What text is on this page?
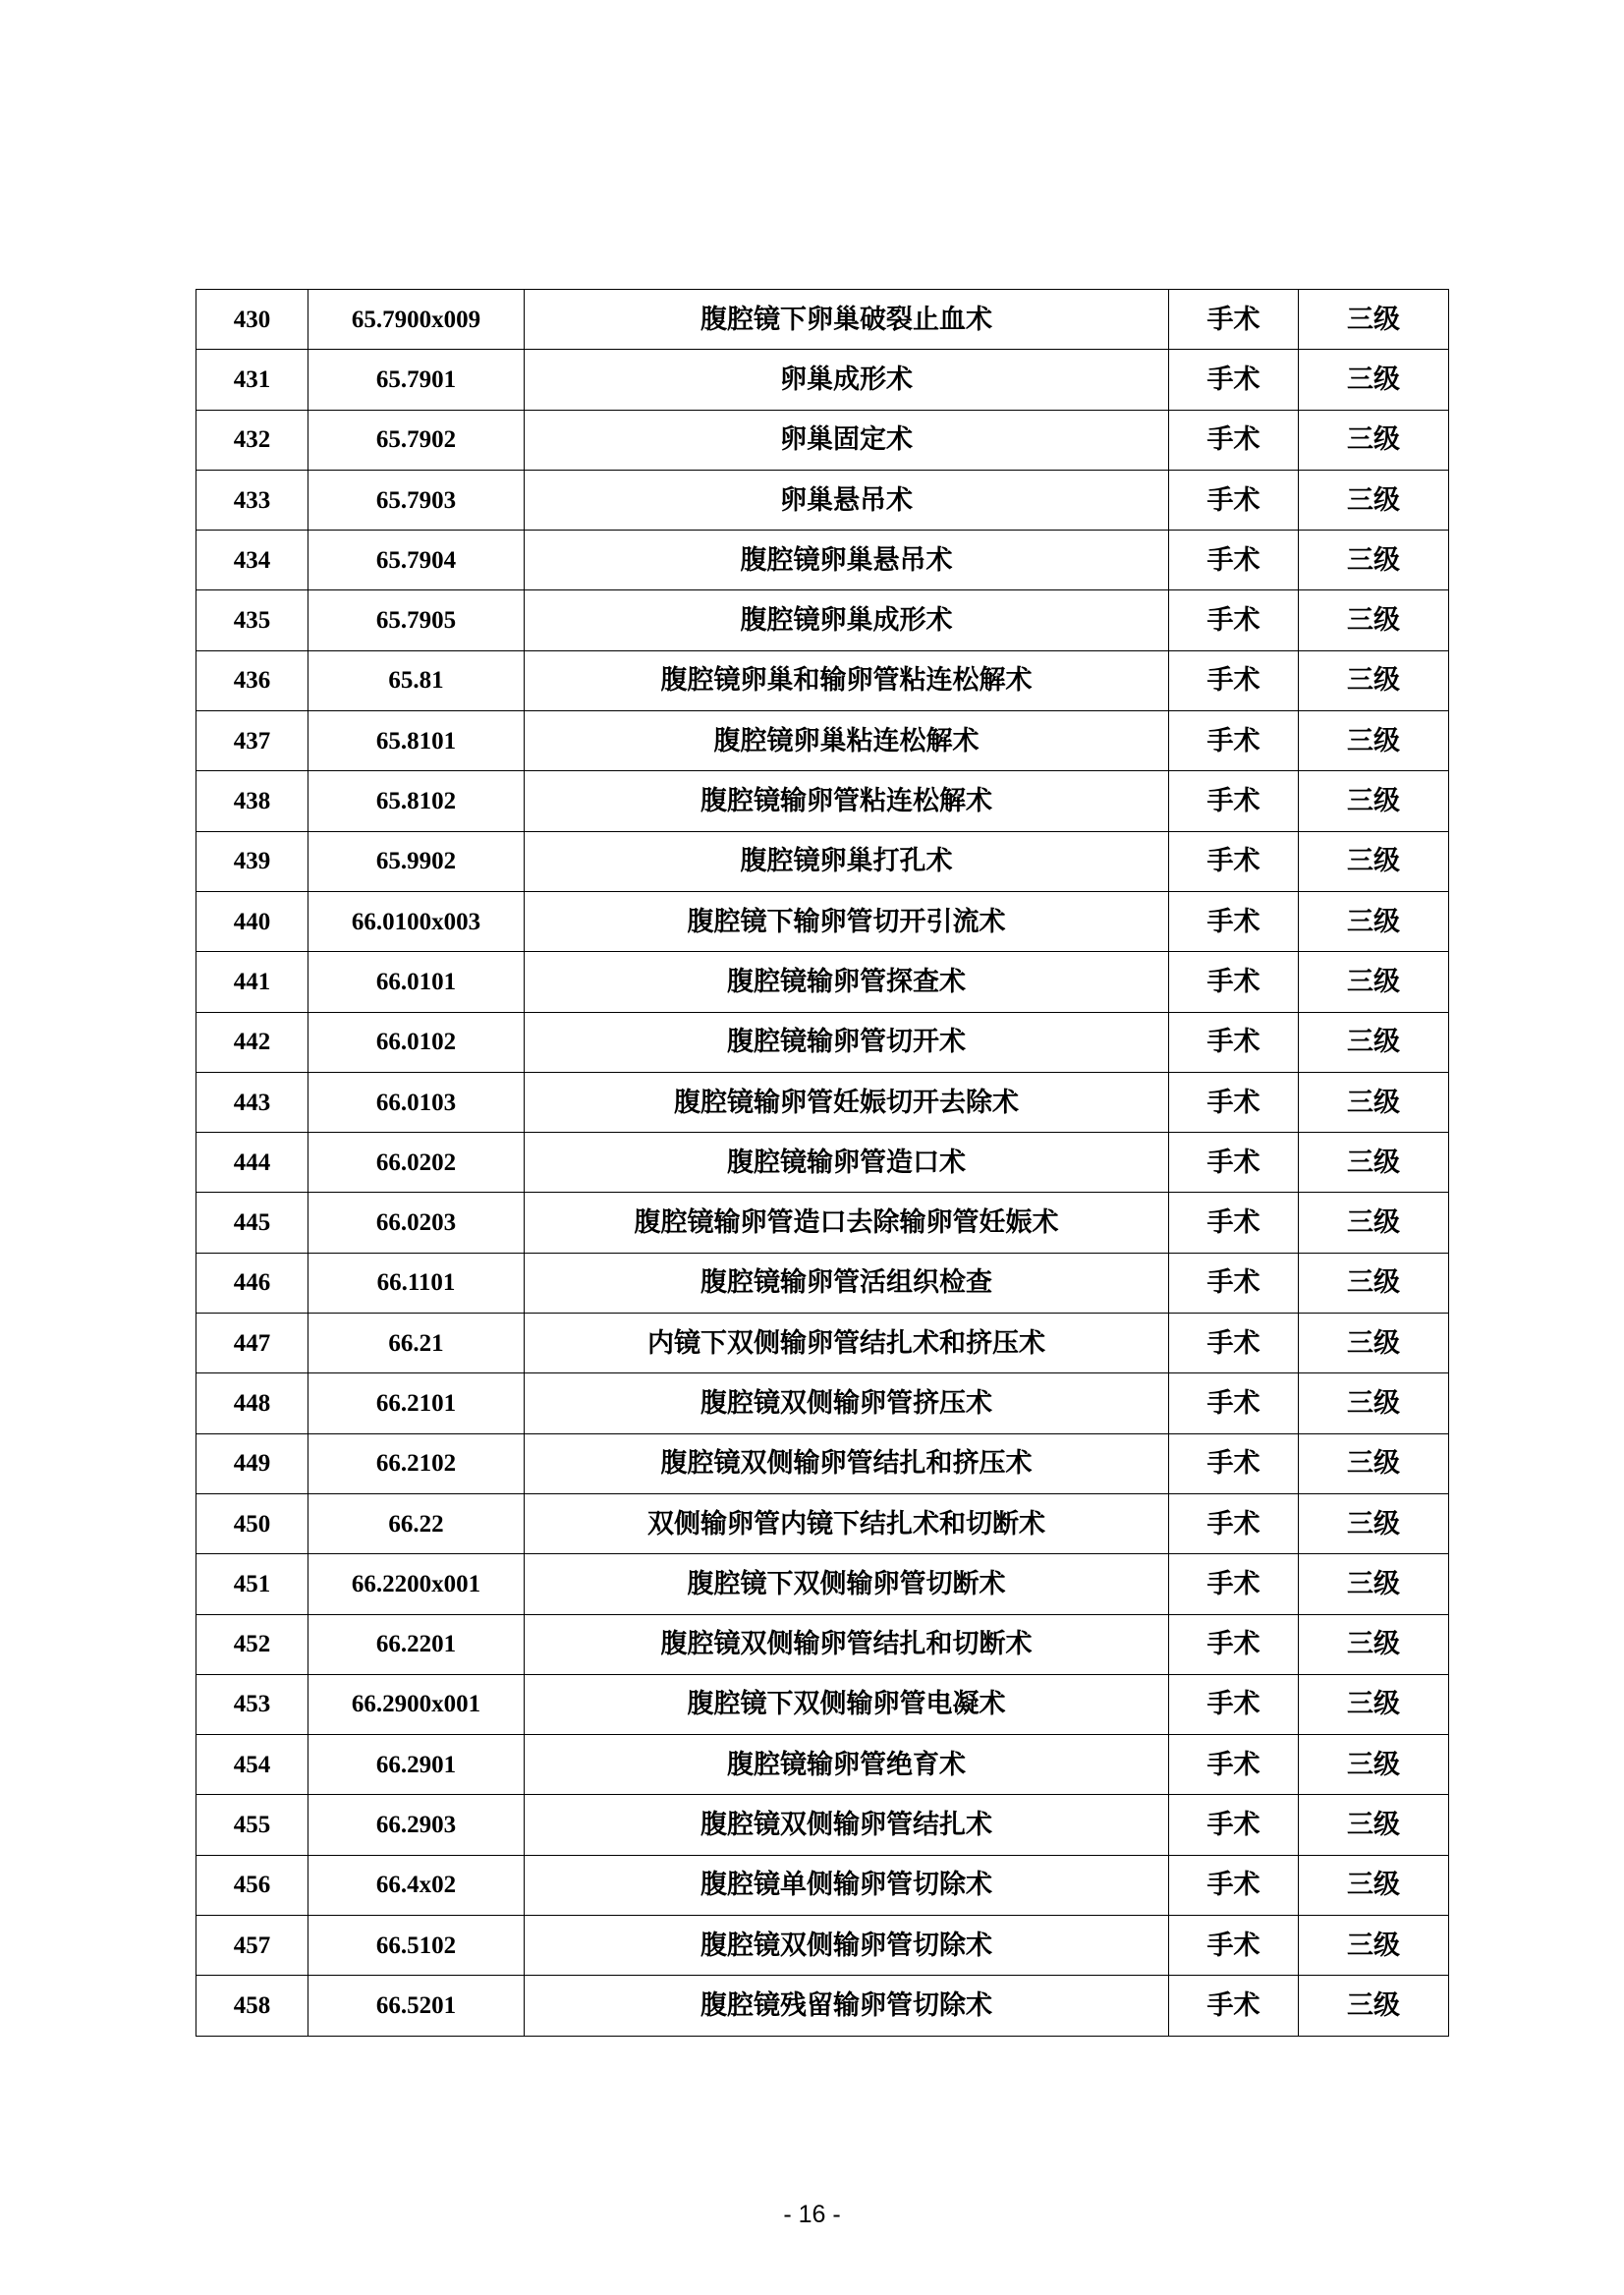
430	65.7900x009	腹腔镜下卵巢破裂止血术	手术	三级
431	65.7901	卵巢成形术	手术	三级
432	65.7902	卵巢固定术	手术	三级
433	65.7903	卵巢悬吊术	手术	三级
434	65.7904	腹腔镜卵巢悬吊术	手术	三级
435	65.7905	腹腔镜卵巢成形术	手术	三级
436	65.81	腹腔镜卵巢和输卵管粘连松解术	手术	三级
437	65.8101	腹腔镜卵巢粘连松解术	手术	三级
438	65.8102	腹腔镜输卵管粘连松解术	手术	三级
439	65.9902	腹腔镜卵巢打孔术	手术	三级
440	66.0100x003	腹腔镜下输卵管切开引流术	手术	三级
441	66.0101	腹腔镜输卵管探查术	手术	三级
442	66.0102	腹腔镜输卵管切开术	手术	三级
443	66.0103	腹腔镜输卵管妊娠切开去除术	手术	三级
444	66.0202	腹腔镜输卵管造口术	手术	三级
445	66.0203	腹腔镜输卵管造口去除输卵管妊娠术	手术	三级
446	66.1101	腹腔镜输卵管活组织检查	手术	三级
447	66.21	内镜下双侧输卵管结扎术和挤压术	手术	三级
448	66.2101	腹腔镜双侧输卵管挤压术	手术	三级
449	66.2102	腹腔镜双侧输卵管结扎和挤压术	手术	三级
450	66.22	双侧输卵管内镜下结扎术和切断术	手术	三级
451	66.2200x001	腹腔镜下双侧输卵管切断术	手术	三级
452	66.2201	腹腔镜双侧输卵管结扎和切断术	手术	三级
453	66.2900x001	腹腔镜下双侧输卵管电凝术	手术	三级
454	66.2901	腹腔镜输卵管绝育术	手术	三级
455	66.2903	腹腔镜双侧输卵管结扎术	手术	三级
456	66.4x02	腹腔镜单侧输卵管切除术	手术	三级
457	66.5102	腹腔镜双侧输卵管切除术	手术	三级
458	66.5201	腹腔镜残留输卵管切除术	手术	三级
- 16 -
